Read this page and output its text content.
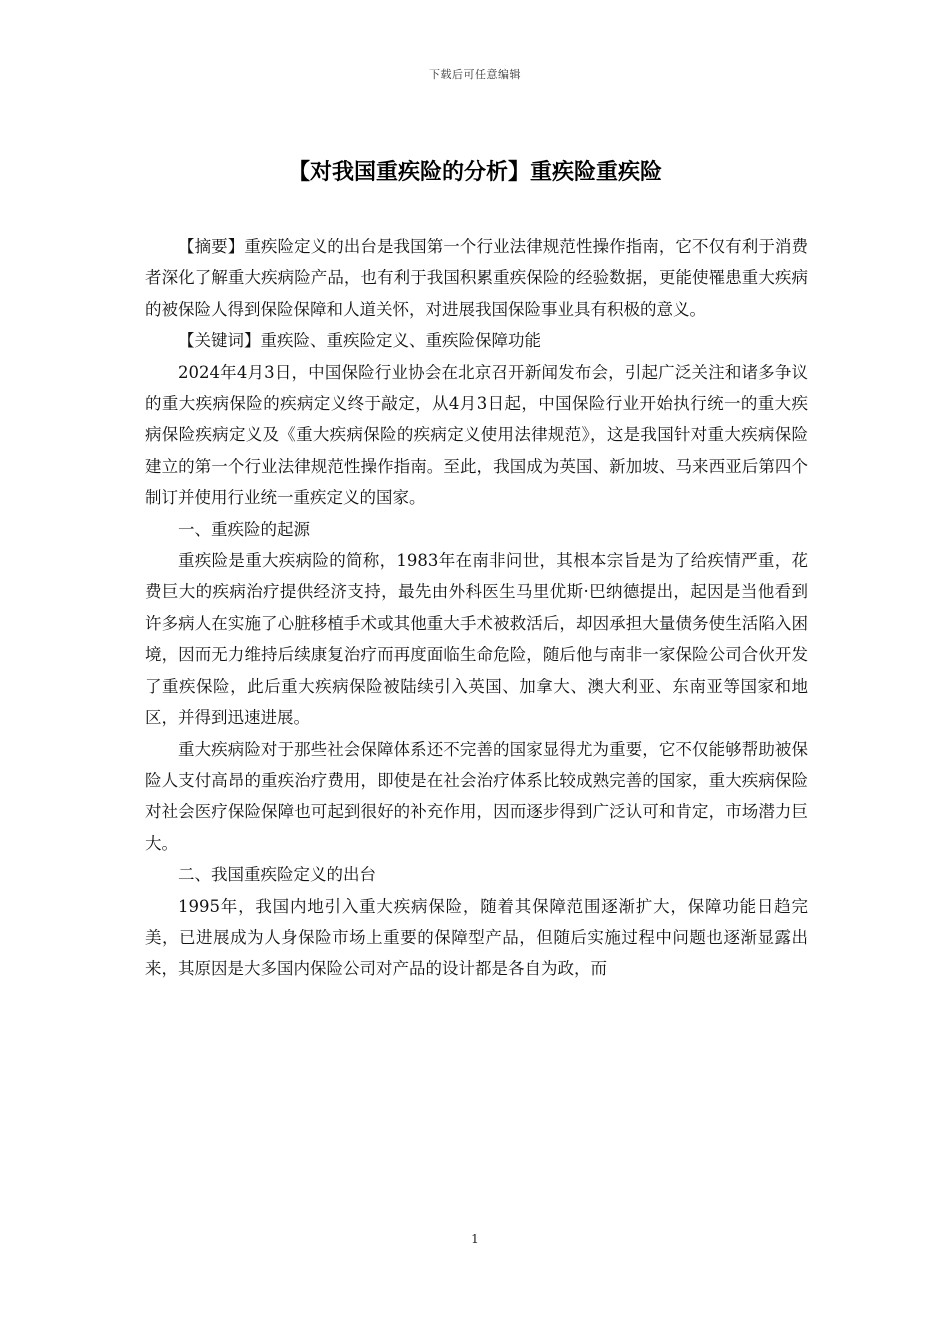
下载后可任意编辑
【对我国重疾险的分析】重疾险重疾险

【摘要】重疾险定义的出台是我国第一个行业法律规范性操作指南，它不仅有利于消费者深化了解重大疾病险产品，也有利于我国积累重疾保险的经验数据，更能使罹患重大疾病的被保险人得到保险保障和人道关怀，对进展我国保险事业具有积极的意义。

【关键词】重疾险、重疾险定义、重疾险保障功能

2024年4月3日，中国保险行业协会在北京召开新闻发布会，引起广泛关注和诸多争议的重大疾病保险的疾病定义终于敲定，从4月3日起，中国保险行业开始执行统一的重大疾病保险疾病定义及《重大疾病保险的疾病定义使用法律规范》，这是我国针对重大疾病保险建立的第一个行业法律规范性操作指南。至此，我国成为英国、新加坡、马来西亚后第四个制订并使用行业统一重疾定义的国家。

一、重疾险的起源

重疾险是重大疾病险的简称，1983年在南非问世，其根本宗旨是为了给疾情严重，花费巨大的疾病治疗提供经济支持，最先由外科医生马里优斯·巴纳德提出，起因是当他看到许多病人在实施了心脏移植手术或其他重大手术被救活后，却因承担大量债务使生活陷入困境，因而无力维持后续康复治疗而再度面临生命危险，随后他与南非一家保险公司合伙开发了重疾保险，此后重大疾病保险被陆续引入英国、加拿大、澳大利亚、东南亚等国家和地区，并得到迅速进展。

重大疾病险对于那些社会保障体系还不完善的国家显得尤为重要，它不仅能够帮助被保险人支付高昂的重疾治疗费用，即使是在社会治疗体系比较成熟完善的国家，重大疾病保险对社会医疗保险保障也可起到很好的补充作用，因而逐步得到广泛认可和肯定，市场潜力巨大。

二、我国重疾险定义的出台

1995年，我国内地引入重大疾病保险，随着其保障范围逐渐扩大，保障功能日趋完美，已进展成为人身保险市场上重要的保障型产品，但随后实施过程中问题也逐渐显露出来，其原因是大多国内保险公司对产品的设计都是各自为政，而

1
